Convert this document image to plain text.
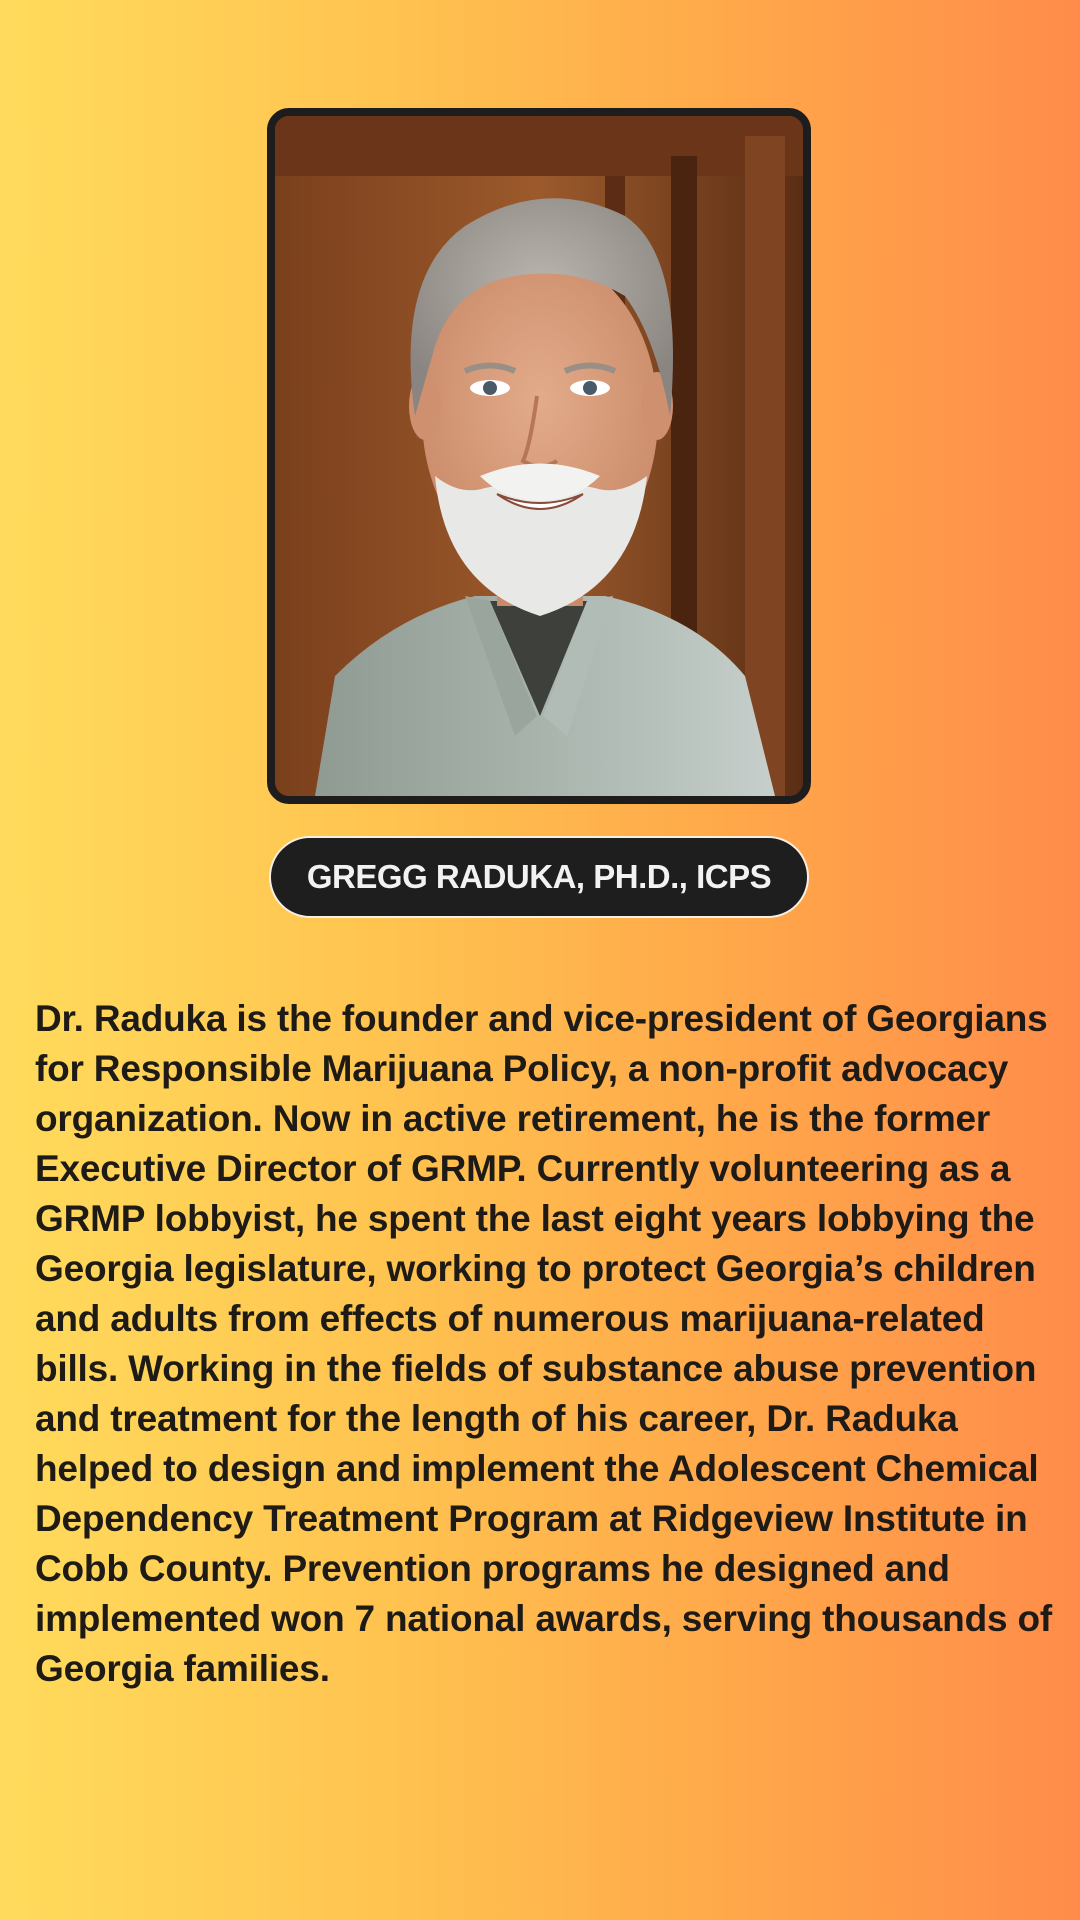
GREGG RADUKA, PH.D., ICPS

Dr. Raduka is the founder and vice-president of Georgians for Responsible Marijuana Policy, a non-profit advocacy organization. Now in active retirement, he is the former Executive Director of GRMP. Currently volunteering as a GRMP lobbyist, he spent the last eight years lobbying the Georgia legislature, working to protect Georgia’s children and adults from effects of numerous marijuana-related bills. Working in the fields of substance abuse prevention and treatment for the length of his career, Dr. Raduka helped to design and implement the Adolescent Chemical Dependency Treatment Program at Ridgeview Institute in Cobb County. Prevention programs he designed and implemented won 7 national awards, serving thousands of Georgia families.
